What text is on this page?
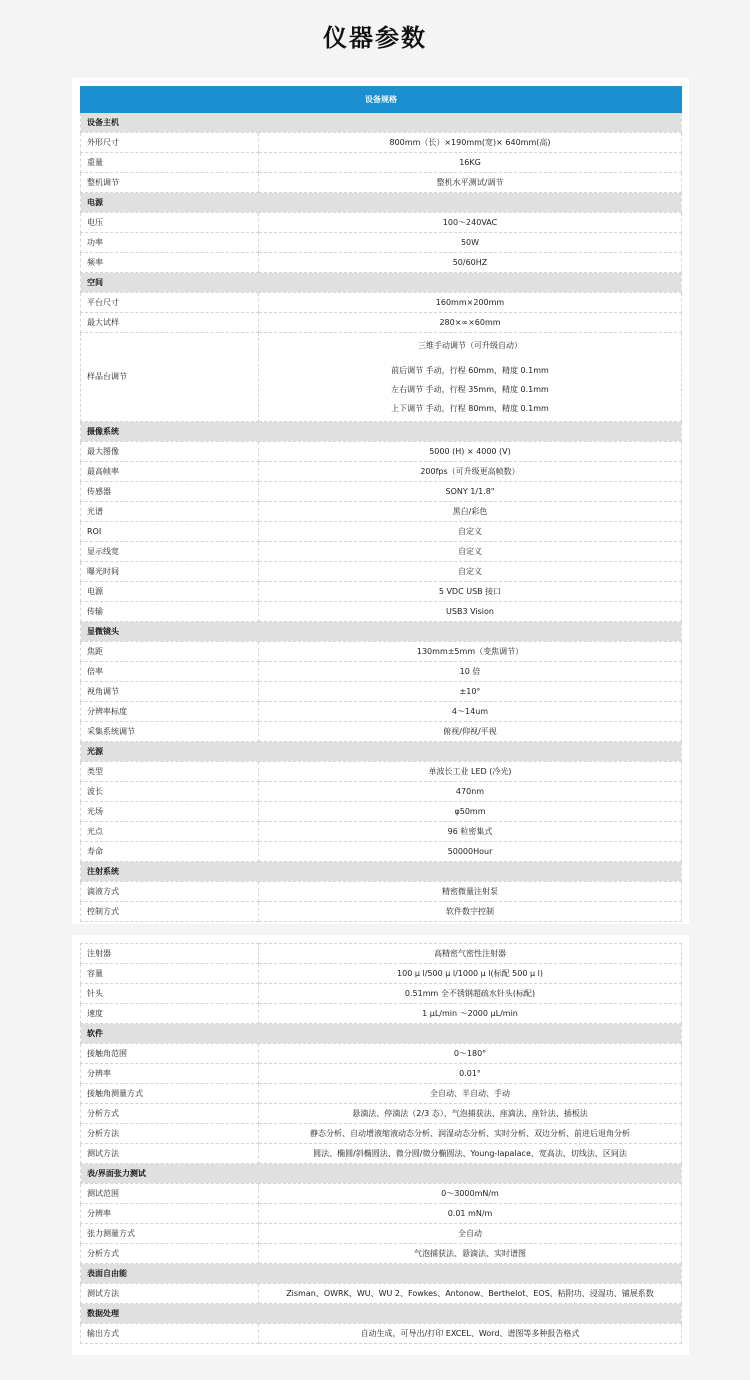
仪器参数
设备规格	
设备主机	
外形尺寸	800mm（长）×190mm(宽)× 640mm(高)
重量	16KG
整机调节	整机水平测试/调节
电源	
电压	100～240VAC
功率	50W
频率	50/60HZ
空间	
平台尺寸	160mm×200mm
最大试样	280×∞×60mm
样品台调节	三维手动调节（可升级自动）
前后调节 手动，行程 60mm，精度 0.1mm
左右调节 手动，行程 35mm，精度 0.1mm
上下调节 手动，行程 80mm，精度 0.1mm

摄像系统	
最大图像	5000 (H) × 4000 (V)
最高帧率	200fps（可升级更高帧数）
传感器	SONY 1/1.8"
光谱	黑白/彩色
ROI	自定义
显示线宽	自定义
曝光时间	自定义
电源	5 VDC USB 接口
传输	USB3 Vision
显微镜头	
焦距	130mm±5mm（变焦调节）
倍率	10 倍
视角调节	±10°
分辨率标度	4～14um
采集系统调节	俯视/仰视/平视
光源	
类型	单波长工业 LED (冷光)
波长	470nm
光场	φ50mm
光点	96 粒密集式
寿命	50000Hour
注射系统	
滴液方式	精密微量注射泵
控制方式	软件数字控制
注射器	高精密气密性注射器
容量	100 μ l/500 μ l/1000 μ l(标配 500 μ l)
针头	0.51mm 全不锈钢超疏水针头(标配)
速度	1 μL/min ～2000 μL/min
软件	
接触角范围	0～180°
分辨率	0.01°
接触角测量方式	全自动、半自动、手动
分析方式	悬滴法、停滴法（2/3 态）、气泡捕获法、座滴法、座针法、插板法
分析方法	静态分析、自动增液缩液动态分析、润湿动态分析、实时分析、双边分析、前进后退角分析
测试方法	圆法、椭圆/斜椭圆法、微分圆/微分椭圆法、Young-lapalace、宽高法、切线法、区间法
表/界面张力测试	
测试范围	0～3000mN/m
分辨率	0.01 mN/m
张力测量方式	全自动
分析方式	气泡捕获法、悬滴法、实时谱图
表面自由能	
测试方法	Zisman、OWRK、WU、WU 2、Fowkes、Antonow、Berthelot、EOS、粘附功、浸湿功、铺展系数
数据处理	
输出方式	自动生成，可导出/打印 EXCEL、Word、谱图等多种报告格式
